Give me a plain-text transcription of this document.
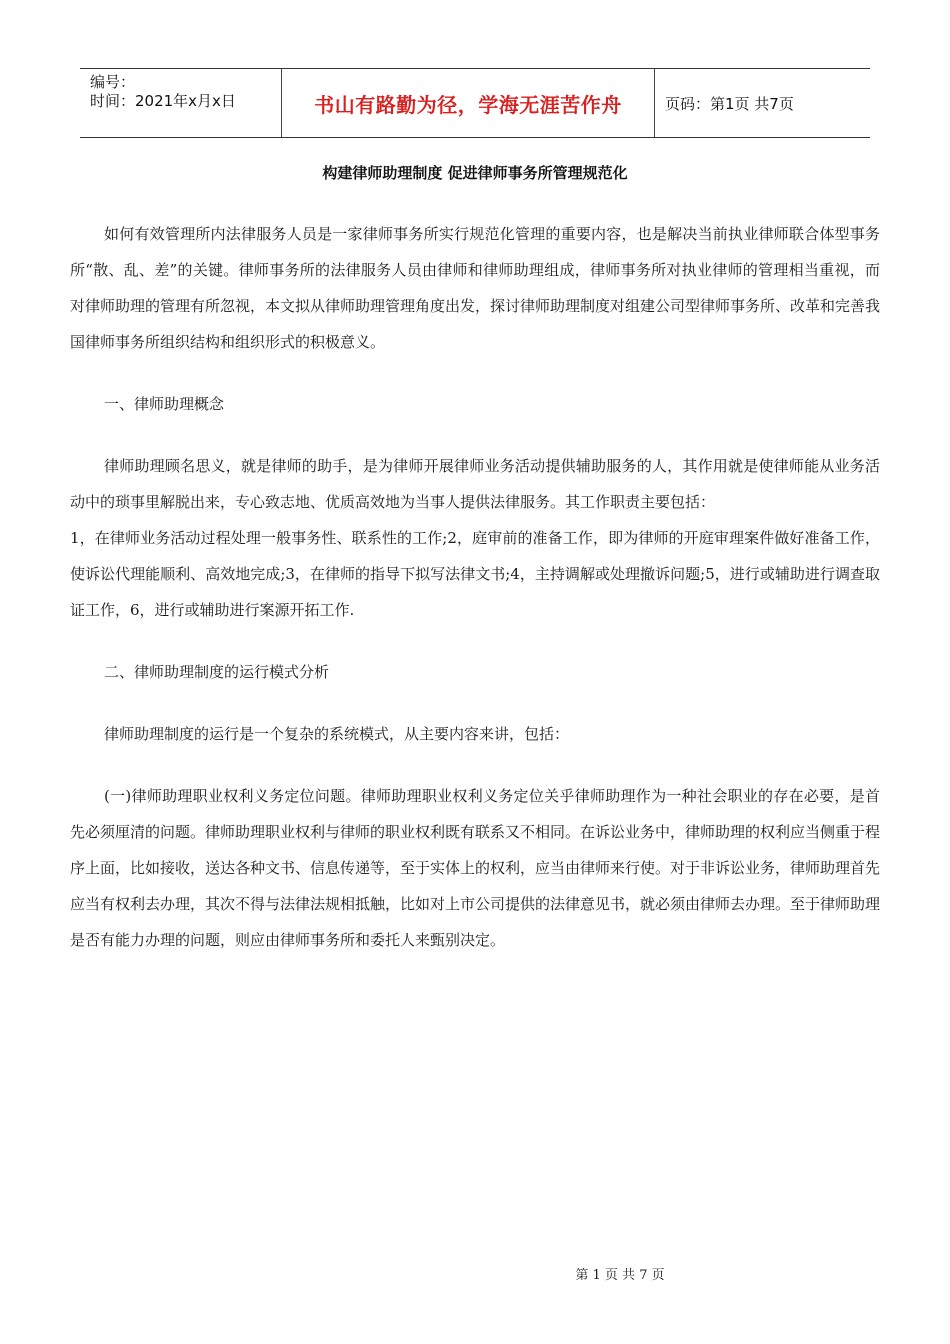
编号：
时间：2021年x月x日	书山有路勤为径，学海无涯苦作舟	页码：第1页 共7页
构建律师助理制度 促进律师事务所管理规范化

如何有效管理所内法律服务人员是一家律师事务所实行规范化管理的重要内容，也是解决当前执业律师联合体型事务所“散、乱、差”的关键。律师事务所的法律服务人员由律师和律师助理组成，律师事务所对执业律师的管理相当重视，而对律师助理的管理有所忽视，本文拟从律师助理管理角度出发，探讨律师助理制度对组建公司型律师事务所、改革和完善我国律师事务所组织结构和组织形式的积极意义。

一、律师助理概念

律师助理顾名思义，就是律师的助手，是为律师开展律师业务活动提供辅助服务的人，其作用就是使律师能从业务活动中的琐事里解脱出来，专心致志地、优质高效地为当事人提供法律服务。其工作职责主要包括：

1，在律师业务活动过程处理一般事务性、联系性的工作;2，庭审前的准备工作，即为律师的开庭审理案件做好准备工作，使诉讼代理能顺利、高效地完成;3，在律师的指导下拟写法律文书;4，主持调解或处理撤诉问题;5，进行或辅助进行调查取证工作，6，进行或辅助进行案源开拓工作.

二、律师助理制度的运行模式分析

律师助理制度的运行是一个复杂的系统模式，从主要内容来讲，包括：

(一)律师助理职业权利义务定位问题。律师助理职业权利义务定位关乎律师助理作为一种社会职业的存在必要，是首先必须厘清的问题。律师助理职业权利与律师的职业权利既有联系又不相同。在诉讼业务中，律师助理的权利应当侧重于程序上面，比如接收，送达各种文书、信息传递等，至于实体上的权利，应当由律师来行使。对于非诉讼业务，律师助理首先应当有权利去办理，其次不得与法律法规相抵触，比如对上市公司提供的法律意见书，就必须由律师去办理。至于律师助理是否有能力办理的问题，则应由律师事务所和委托人来甄别决定。

第 1 页 共 7 页
